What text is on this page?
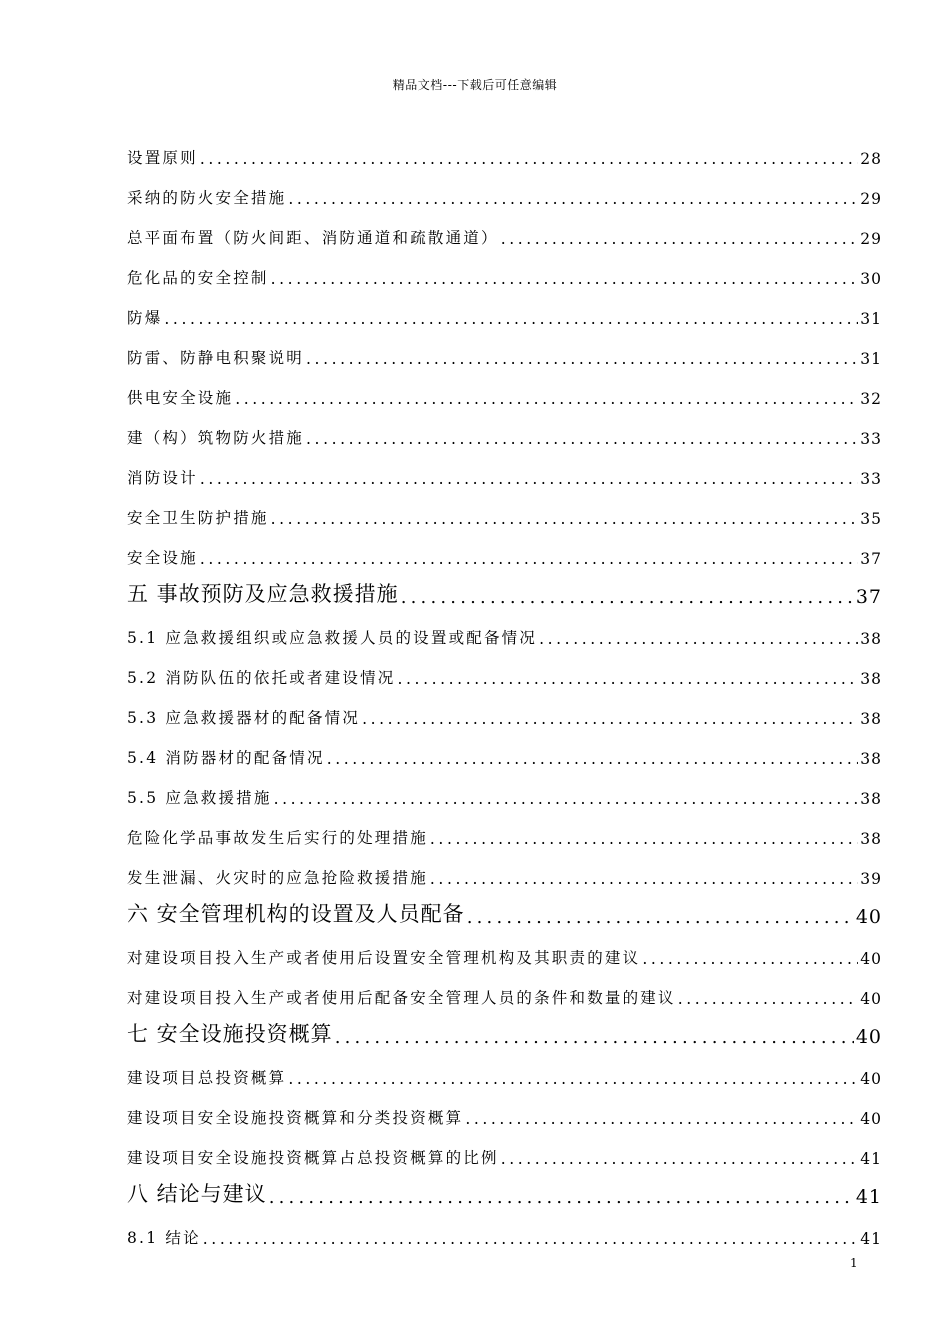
精品文档---下载后可任意编辑
设置原则 .....	28
采纳的防火安全措施 .....	29
总平面布置（防火间距、消防通道和疏散通道） .....	29
危化品的安全控制 .....	30
防爆 .....	31
防雷、防静电积聚说明 .....	31
供电安全设施 .....	32
建（构）筑物防火措施 .....	33
消防设计 .....	33
安全卫生防护措施 .....	35
安全设施 .....	37
五 事故预防及应急救援措施 .....	37
5.1 应急救援组织或应急救援人员的设置或配备情况 .....	38
5.2 消防队伍的依托或者建设情况 .....	38
5.3 应急救援器材的配备情况 .....	38
5.4 消防器材的配备情况 .....	38
5.5 应急救援措施 .....	38
危险化学品事故发生后实行的处理措施 .....	38
发生泄漏、火灾时的应急抢险救援措施 .....	39
六 安全管理机构的设置及人员配备 .....	40
对建设项目投入生产或者使用后设置安全管理机构及其职责的建议 .....	40
对建设项目投入生产或者使用后配备安全管理人员的条件和数量的建议 .....	40
七 安全设施投资概算 .....	40
建设项目总投资概算 .....	40
建设项目安全设施投资概算和分类投资概算 .....	40
建设项目安全设施投资概算占总投资概算的比例 .....	41
八 结论与建议 .....	41
8.1 结论 .....	41
1
